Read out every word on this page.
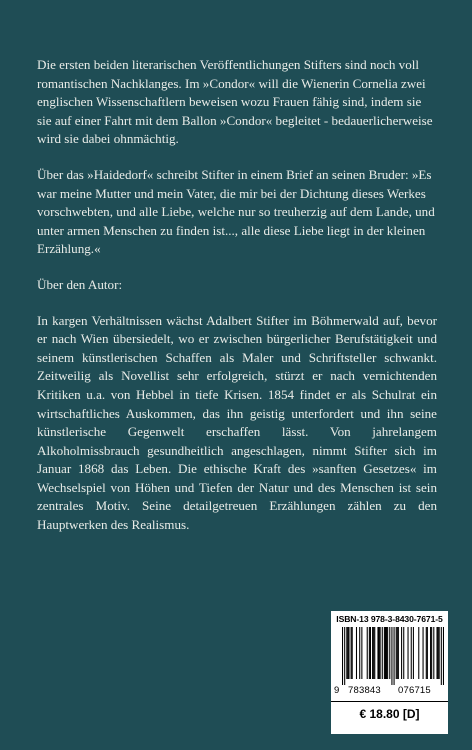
Die ersten beiden literarischen Veröffentlichungen Stifters sind noch voll romantischen Nachklanges. Im »Condor« will die Wienerin Cornelia zwei englischen Wissenschaftlern beweisen wozu Frauen fähig sind, indem sie sie auf einer Fahrt mit dem Ballon »Condor« begleitet - bedauerlicherweise wird sie dabei ohnmächtig.

Über das »Haidedorf« schreibt Stifter in einem Brief an seinen Bruder: »Es war meine Mutter und mein Vater, die mir bei der Dichtung dieses Werkes vorschwebten, und alle Liebe, welche nur so treuherzig auf dem Lande, und unter armen Menschen zu finden ist..., alle diese Liebe liegt in der kleinen Erzählung.«

Über den Autor:

In kargen Verhältnissen wächst Adalbert Stifter im Böhmerwald auf, bevor er nach Wien übersiedelt, wo er zwischen bürgerlicher Berufstätigkeit und seinem künstlerischen Schaffen als Maler und Schriftsteller schwankt. Zeitweilig als Novellist sehr erfolgreich, stürzt er nach vernichtenden Kritiken u.a. von Hebbel in tiefe Krisen. 1854 findet er als Schulrat ein wirtschaftliches Auskommen, das ihn geistig unterfordert und ihn seine künstlerische Gegenwelt erschaffen lässt. Von jahrelangem Alkoholmissbrauch gesundheitlich angeschlagen, nimmt Stifter sich im Januar 1868 das Leben. Die ethische Kraft des »sanften Gesetzes« im Wechselspiel von Höhen und Tiefen der Natur und des Menschen ist sein zentrales Motiv. Seine detailgetreuen Erzählungen zählen zu den Hauptwerken des Realismus.

ISBN-13 978-3-8430-7671-5
9 783843 076715
€ 18.80 [D]
